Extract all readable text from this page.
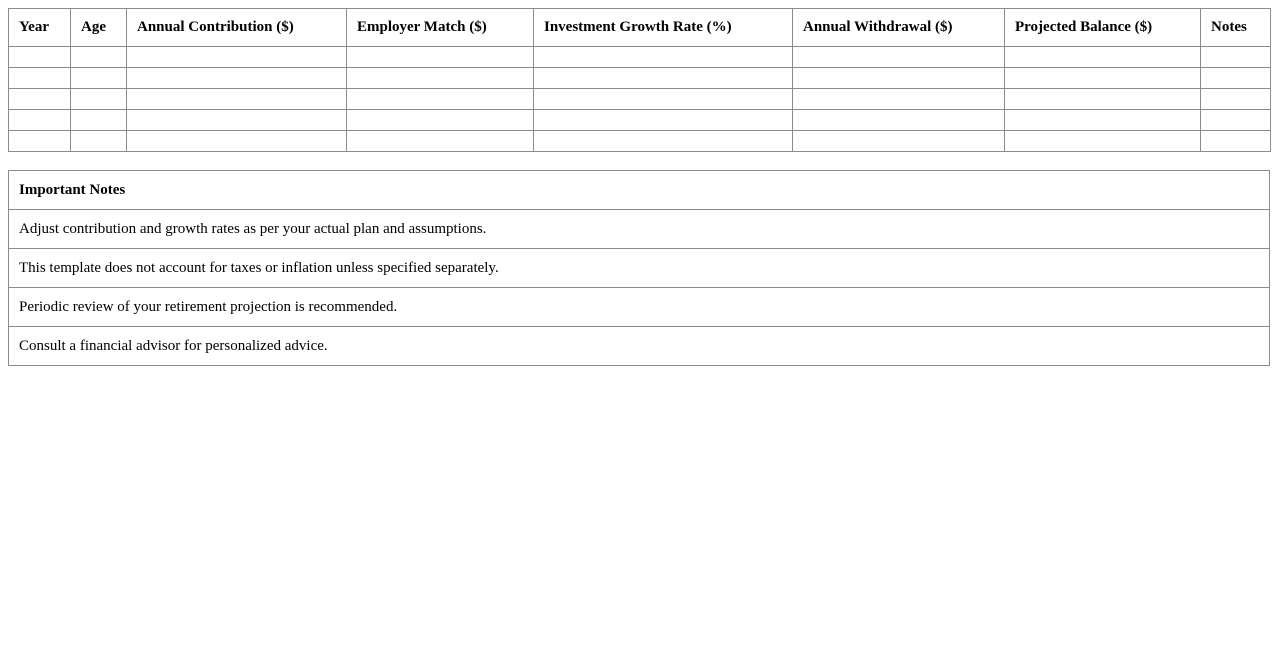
Year	Age	Annual Contribution ($)	Employer Match ($)	Investment Growth Rate (%)	Annual Withdrawal ($)	Projected Balance ($)	Notes

Important Notes
Adjust contribution and growth rates as per your actual plan and assumptions.
This template does not account for taxes or inflation unless specified separately.
Periodic review of your retirement projection is recommended.
Consult a financial advisor for personalized advice.
